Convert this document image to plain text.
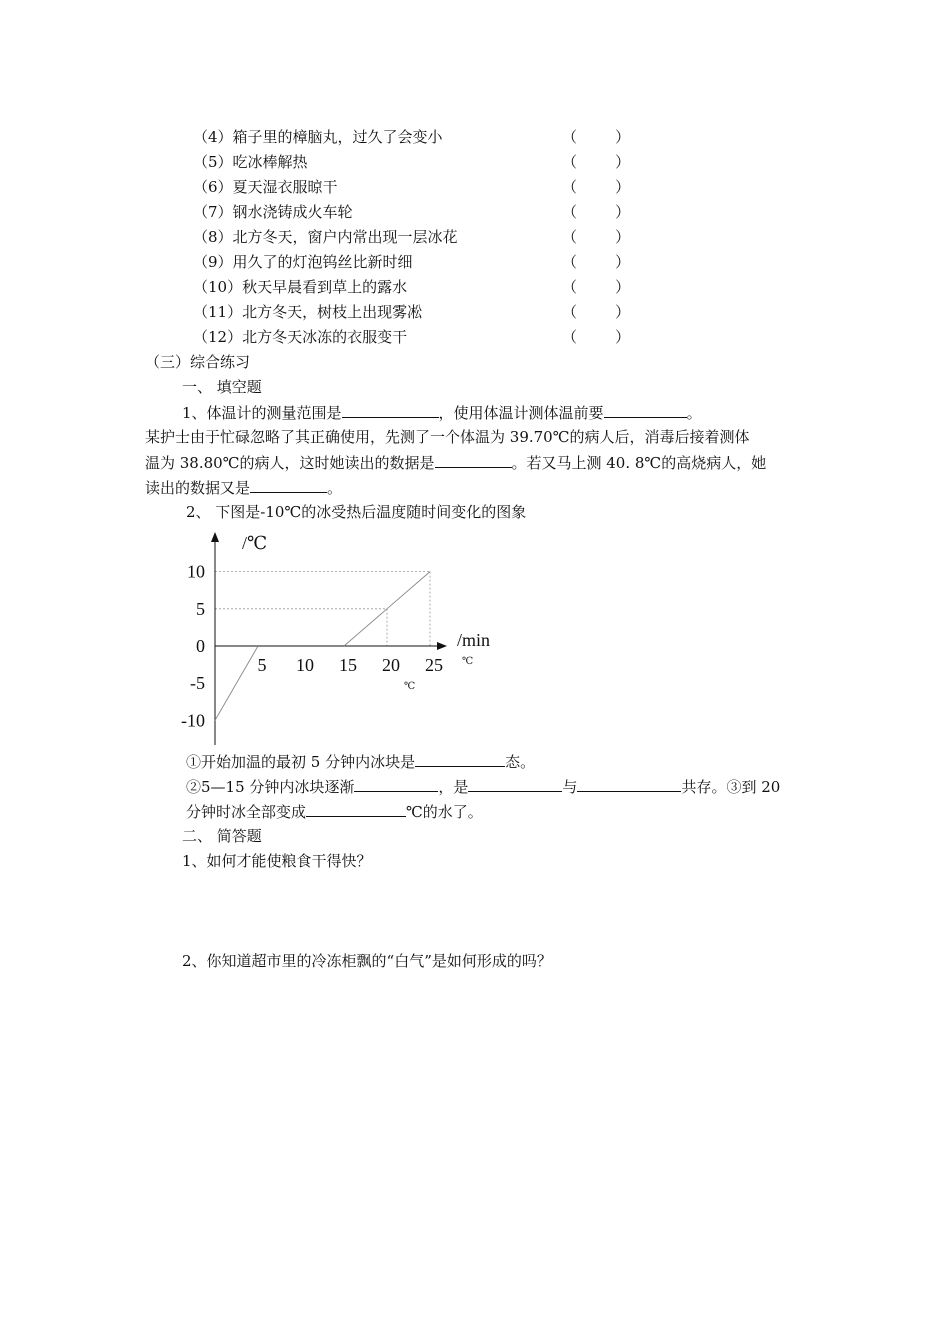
（4）箱子里的樟脑丸，过久了会变小	（        ）
（5）吃冰棒解热	（        ）
（6）夏天湿衣服晾干	（        ）
（7）钢水浇铸成火车轮	（        ）
（8）北方冬天，窗户内常出现一层冰花	（        ）
（9）用久了的灯泡钨丝比新时细	（        ）
（10）秋天早晨看到草上的露水	（        ）
（11）北方冬天，树枝上出现雾凇	（        ）
（12）北方冬天冰冻的衣服变干	（        ）
（三）综合练习
一、 填空题
1、体温计的测量范围是	，使用体温计测体温前要	。
某护士由于忙碌忽略了其正确使用，先测了一个体温为 39.70℃的病人后，消毒后接着测体
温为 38.80℃的病人，这时她读出的数据是	。若又马上测 40. 8℃的高烧病人，她
读出的数据又是	。
2、 下图是-10℃的冰受热后温度随时间变化的图象
10
5
0
-5
-10
5 10 15 20 25
/℃
/min
℃
℃
①开始加温的最初 5 分钟内冰块是	态。
②5—15 分钟内冰块逐渐	，是	与	共存。③到 20
分钟时冰全部变成	℃的水了。
二、 简答题
1、如何才能使粮食干得快？
2、你知道超市里的冷冻柜飘的“白气”是如何形成的吗？
